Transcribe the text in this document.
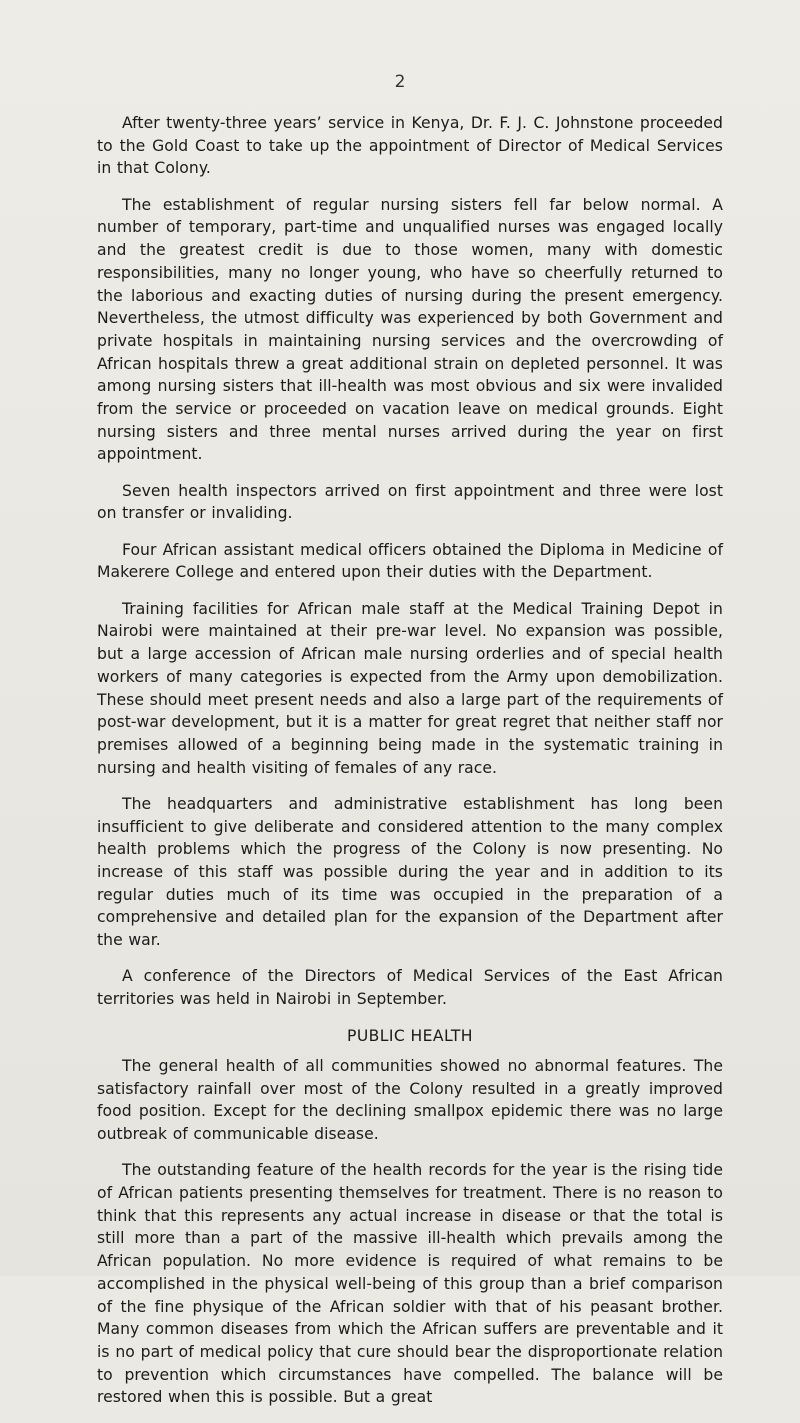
2

After twenty-three years’ service in Kenya, Dr. F. J. C. Johnstone proceeded to the Gold Coast to take up the appointment of Director of Medical Services in that Colony.

The establishment of regular nursing sisters fell far below normal. A number of temporary, part-time and unqualified nurses was engaged locally and the greatest credit is due to those women, many with domestic responsibilities, many no longer young, who have so cheerfully returned to the laborious and exacting duties of nursing during the present emergency. Nevertheless, the utmost difficulty was experienced by both Government and private hospitals in maintaining nursing services and the overcrowding of African hospitals threw a great additional strain on depleted personnel. It was among nursing sisters that ill-health was most obvious and six were invalided from the service or proceeded on vacation leave on medical grounds. Eight nursing sisters and three mental nurses arrived during the year on first appointment.

Seven health inspectors arrived on first appointment and three were lost on transfer or invaliding.

Four African assistant medical officers obtained the Diploma in Medicine of Makerere College and entered upon their duties with the Department.

Training facilities for African male staff at the Medical Training Depot in Nairobi were maintained at their pre-war level. No expansion was possible, but a large accession of African male nursing orderlies and of special health workers of many categories is expected from the Army upon demobilization. These should meet present needs and also a large part of the requirements of post-war development, but it is a matter for great regret that neither staff nor premises allowed of a beginning being made in the systematic training in nursing and health visiting of females of any race.

The headquarters and administrative establishment has long been insufficient to give deliberate and considered attention to the many complex health problems which the progress of the Colony is now presenting. No increase of this staff was possible during the year and in addition to its regular duties much of its time was occupied in the preparation of a comprehensive and detailed plan for the expansion of the Department after the war.

A conference of the Directors of Medical Services of the East African territories was held in Nairobi in September.

PUBLIC HEALTH

The general health of all communities showed no abnormal features. The satisfactory rainfall over most of the Colony resulted in a greatly improved food position. Except for the declining smallpox epidemic there was no large outbreak of communicable disease.

The outstanding feature of the health records for the year is the rising tide of African patients presenting themselves for treatment. There is no reason to think that this represents any actual increase in disease or that the total is still more than a part of the massive ill-health which prevails among the African population. No more evidence is required of what remains to be accomplished in the physical well-being of this group than a brief comparison of the fine physique of the African soldier with that of his peasant brother. Many common diseases from which the African suffers are preventable and it is no part of medical policy that cure should bear the disproportionate relation to prevention which circumstances have compelled. The balance will be restored when this is possible. But a great
